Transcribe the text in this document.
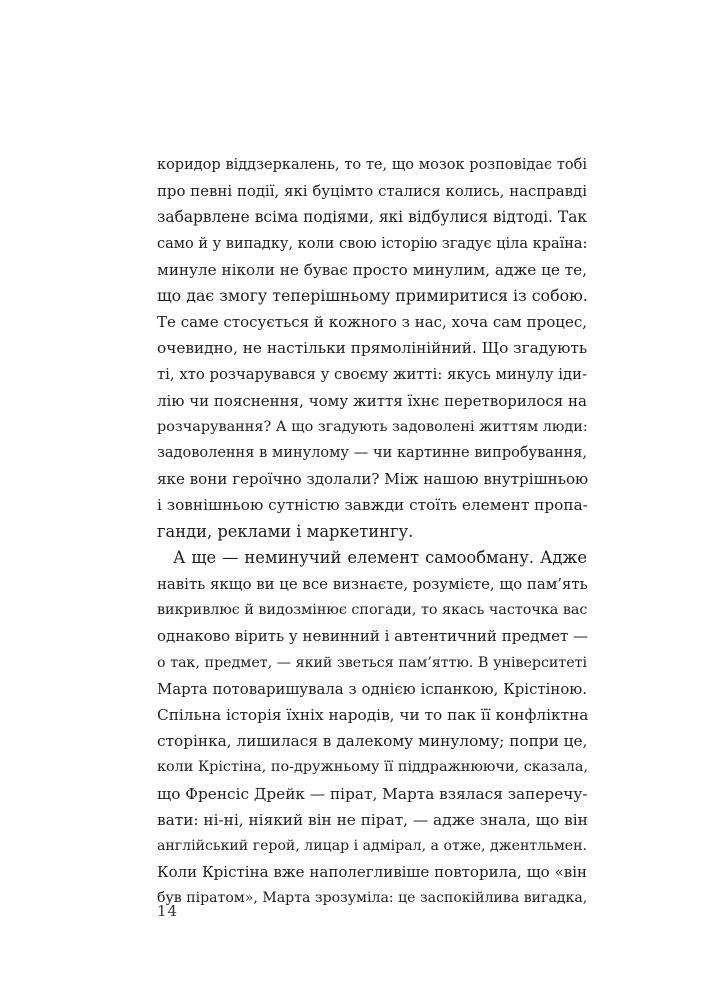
коридор віддзеркалень, то те, що мозок розповідає тобі
про певні події, які буцімто сталися колись, насправді
забарвлене всіма подіями, які відбулися відтоді. Так
само й у випадку, коли свою історію згадує ціла країна:
минуле ніколи не буває просто минулим, адже це те,
що дає змогу теперішньому примиритися із собою.
Те саме стосується й кожного з нас, хоча сам процес,
очевидно, не настільки прямолінійний. Що згадують
ті, хто розчарувався у своєму житті: якусь минулу іди-
лію чи пояснення, чому життя їхнє перетворилося на
розчарування? А що згадують задоволені життям люди:
задоволення в минулому — чи картинне випробування,
яке вони героїчно здолали? Між нашою внутрішньою
і зовнішньою сутністю завжди стоїть елемент пропа-
ганди, реклами і маркетингу.
А ще — неминучий елемент самообману. Адже
навіть якщо ви це все визнаєте, розумієте, що пам’ять
викривлює й видозмінює спогади, то якась часточка вас
однаково вірить у невинний і автентичний предмет —
о так, предмет, — який зветься пам’яттю. В університеті
Марта потоваришувала з однією іспанкою, Крістіною.
Спільна історія їхніх народів, чи то пак її конфліктна
сторінка, лишилася в далекому минулому; попри це,
коли Крістіна, по-дружньому її піддражнюючи, сказала,
що Френсіс Дрейк — пірат, Марта взялася заперечу-
вати: ні-ні, ніякий він не пірат, — адже знала, що він
англійський герой, лицар і адмірал, а отже, джентльмен.
Коли Крістіна вже наполегливіше повторила, що «він
був піратом», Марта зрозуміла: це заспокійлива вигадка,
14
